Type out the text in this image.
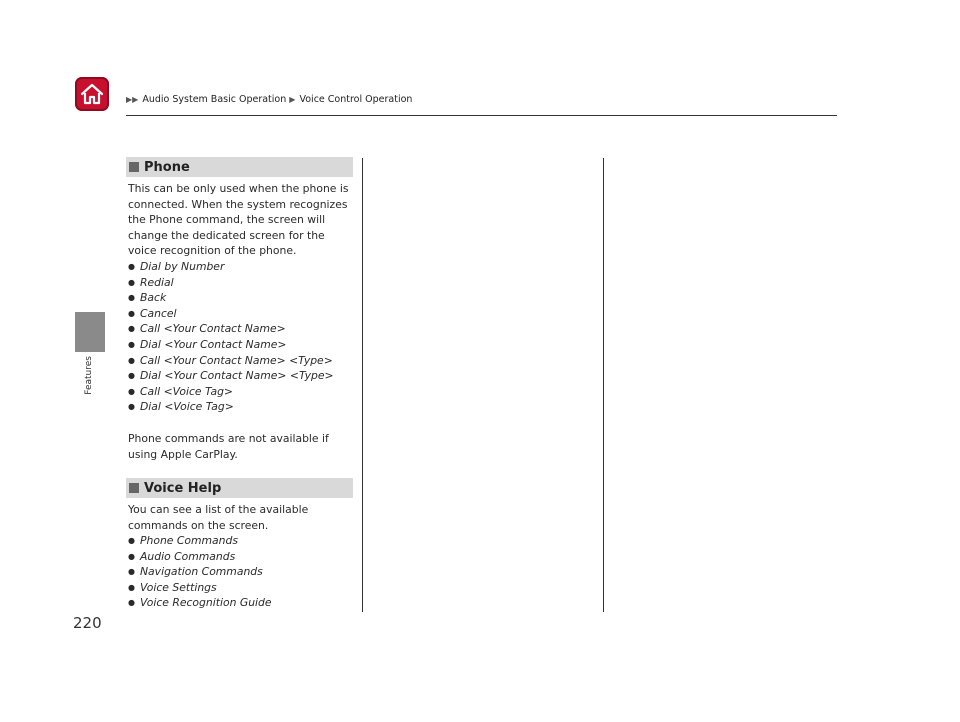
▶▶ Audio System Basic Operation ▶ Voice Control Operation
Features
Phone
This can be only used when the phone is connected. When the system recognizes the Phone command, the screen will change the dedicated screen for the voice recognition of the phone.
● Dial by Number
● Redial
● Back
● Cancel
● Call <Your Contact Name>
● Dial <Your Contact Name>
● Call <Your Contact Name> <Type>
● Dial <Your Contact Name> <Type>
● Call <Voice Tag>
● Dial <Voice Tag>
Phone commands are not available if using Apple CarPlay.
Voice Help
You can see a list of the available commands on the screen.
● Phone Commands
● Audio Commands
● Navigation Commands
● Voice Settings
● Voice Recognition Guide
220
